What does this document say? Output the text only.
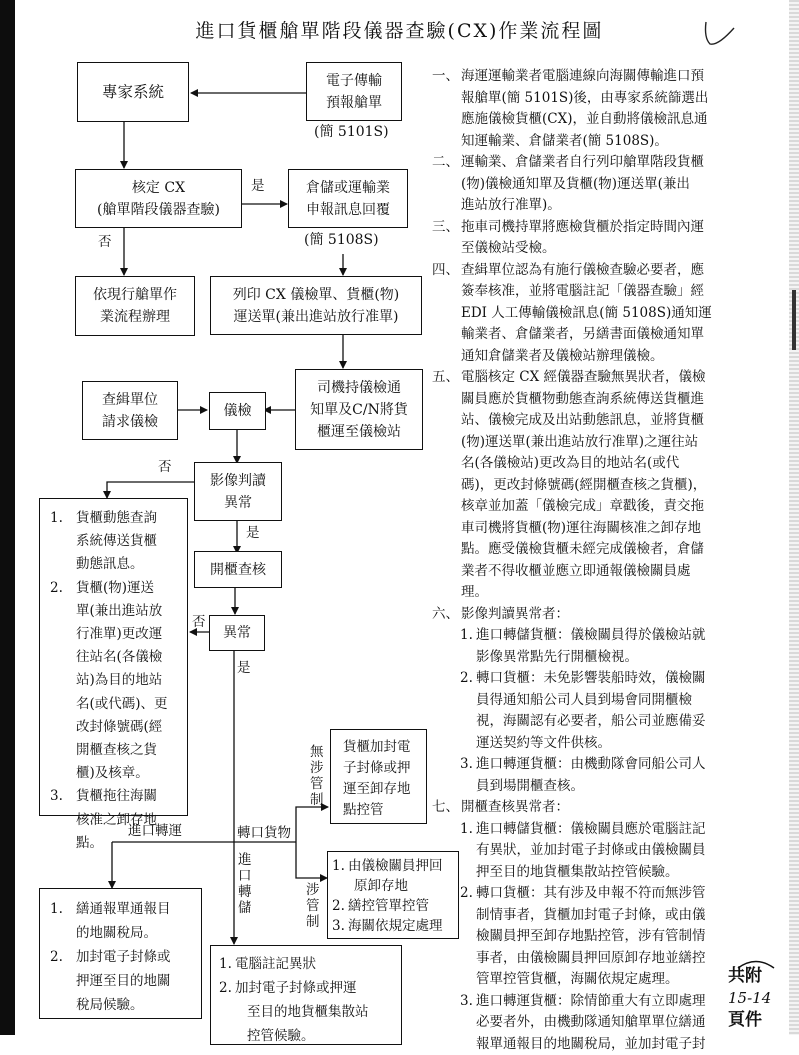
進口貨櫃艙單階段儀器查驗(CX)作業流程圖
專家系統
電子傳輸
預報艙單
(簡 5101S)
核定 CX
(艙單階段儀器查驗)
是
否
倉儲或運輸業
申報訊息回覆
(簡 5108S)
依現行艙單作
業流程辦理
列印 CX 儀檢單、貨櫃(物)
運送單(兼出進站放行准單)
司機持儀檢通
知單及C/N將貨
櫃運至儀檢站
查緝單位
請求儀檢
儀檢
否
影像判讀
異常
是
開櫃查核
否
異常
是
1. 貨櫃動態查詢
系統傳送貨櫃
動態訊息。
2. 貨櫃(物)運送
單(兼出進站放
行准單)更改運
往站名(各儀檢
站)為目的地站
名(或代碼)、更
改封條號碼(經
開櫃查核之貨
櫃)及核章。
3. 貨櫃拖往海關
核准之卸存地
點。
無涉管制
貨櫃加封電
子封條或押
運至卸存地
點控管
轉口貨物
進口轉運
進口轉儲
涉管制
1. 由儀檢關員押回
原卸存地
2. 繕控管單控管
3. 海關依規定處理
1. 繕通報單通報目
的地關稅局。
2. 加封電子封條或
押運至目的地關
稅局候驗。
1. 電腦註記異狀
2. 加封電子封條或押運
至目的地貨櫃集散站
控管候驗。
一、 海運運輸業者電腦連線向海關傳輸進口預
報艙單(簡 5101S)後，由專家系統篩選出
應施儀檢貨櫃(CX)，並自動將儀檢訊息通
知運輸業、倉儲業者(簡 5108S)。
二、 運輸業、倉儲業者自行列印艙單階段貨櫃
(物)儀檢通知單及貨櫃(物)運送單(兼出
進站放行准單)。
三、 拖車司機持單將應檢貨櫃於指定時間內運
至儀檢站受檢。
四、 查緝單位認為有施行儀檢查驗必要者，應
簽奉核准，並將電腦註記「儀器查驗」經
EDI 人工傳輸儀檢訊息(簡 5108S)通知運
輸業者、倉儲業者，另繕書面儀檢通知單
通知倉儲業者及儀檢站辦理儀檢。
五、 電腦核定 CX 經儀器查驗無異狀者，儀檢
關員應於貨櫃物動態查詢系統傳送貨櫃進
站、儀檢完成及出站動態訊息，並將貨櫃
(物)運送單(兼出進站放行准單)之運往站
名(各儀檢站)更改為目的地站名(或代
碼)，更改封條號碼(經開櫃查核之貨櫃)，
核章並加蓋「儀檢完成」章戳後，責交拖
車司機將貨櫃(物)運往海關核准之卸存地
點。應受儀檢貨櫃未經完成儀檢者，倉儲
業者不得收櫃並應立即通報儀檢關員處
理。
六、 影像判讀異常者：
1. 進口轉儲貨櫃：儀檢關員得於儀檢站就
影像異常點先行開櫃檢視。
2. 轉口貨櫃：未免影響裝船時效，儀檢關
員得通知船公司人員到場會同開櫃檢
視，海關認有必要者，船公司並應備妥
運送契約等文件供核。
3. 進口轉運貨櫃：由機動隊會同船公司人
員到場開櫃查核。
七、 開櫃查核異常者：
1. 進口轉儲貨櫃：儀檢關員應於電腦註記
有異狀，並加封電子封條或由儀檢關員
押至目的地貨櫃集散站控管候驗。
2. 轉口貨櫃：其有涉及申報不符而無涉管
制情事者，貨櫃加封電子封條，或由儀
檢關員押至卸存地點控管，涉有管制情
事者，由儀檢關員押回原卸存地並繕控
管單控管貨櫃，海關依規定處理。
3. 進口轉運貨櫃：除情節重大有立即處理
必要者外，由機動隊通知艙單單位繕通
報單通報目的地關稅局，並加封電子封
共附
15-14
頁件
